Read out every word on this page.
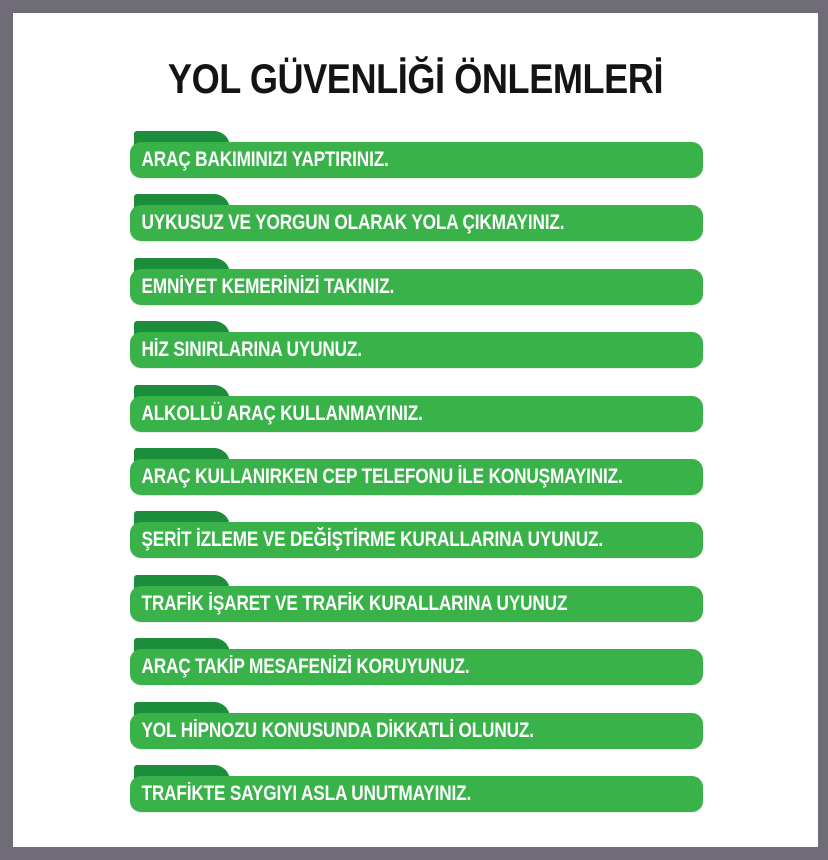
YOL GÜVENLİĞİ ÖNLEMLERİ
ARAÇ BAKIMINIZI YAPTIRINIZ.
UYKUSUZ VE YORGUN OLARAK YOLA ÇIKMAYINIZ.
EMNİYET KEMERİNİZİ TAKINIZ.
HİZ SINIRLARINA UYUNUZ.
ALKOLLÜ ARAÇ KULLANMAYINIZ.
ARAÇ KULLANIRKEN CEP TELEFONU İLE KONUŞMAYINIZ.
ŞERİT İZLEME VE DEĞİŞTİRME KURALLARINA UYUNUZ.
TRAFİK İŞARET VE TRAFİK KURALLARINA UYUNUZ
ARAÇ TAKİP MESAFENİZİ KORUYUNUZ.
YOL HİPNOZU KONUSUNDA DİKKATLİ OLUNUZ.
TRAFİKTE SAYGIYI ASLA UNUTMAYINIZ.
